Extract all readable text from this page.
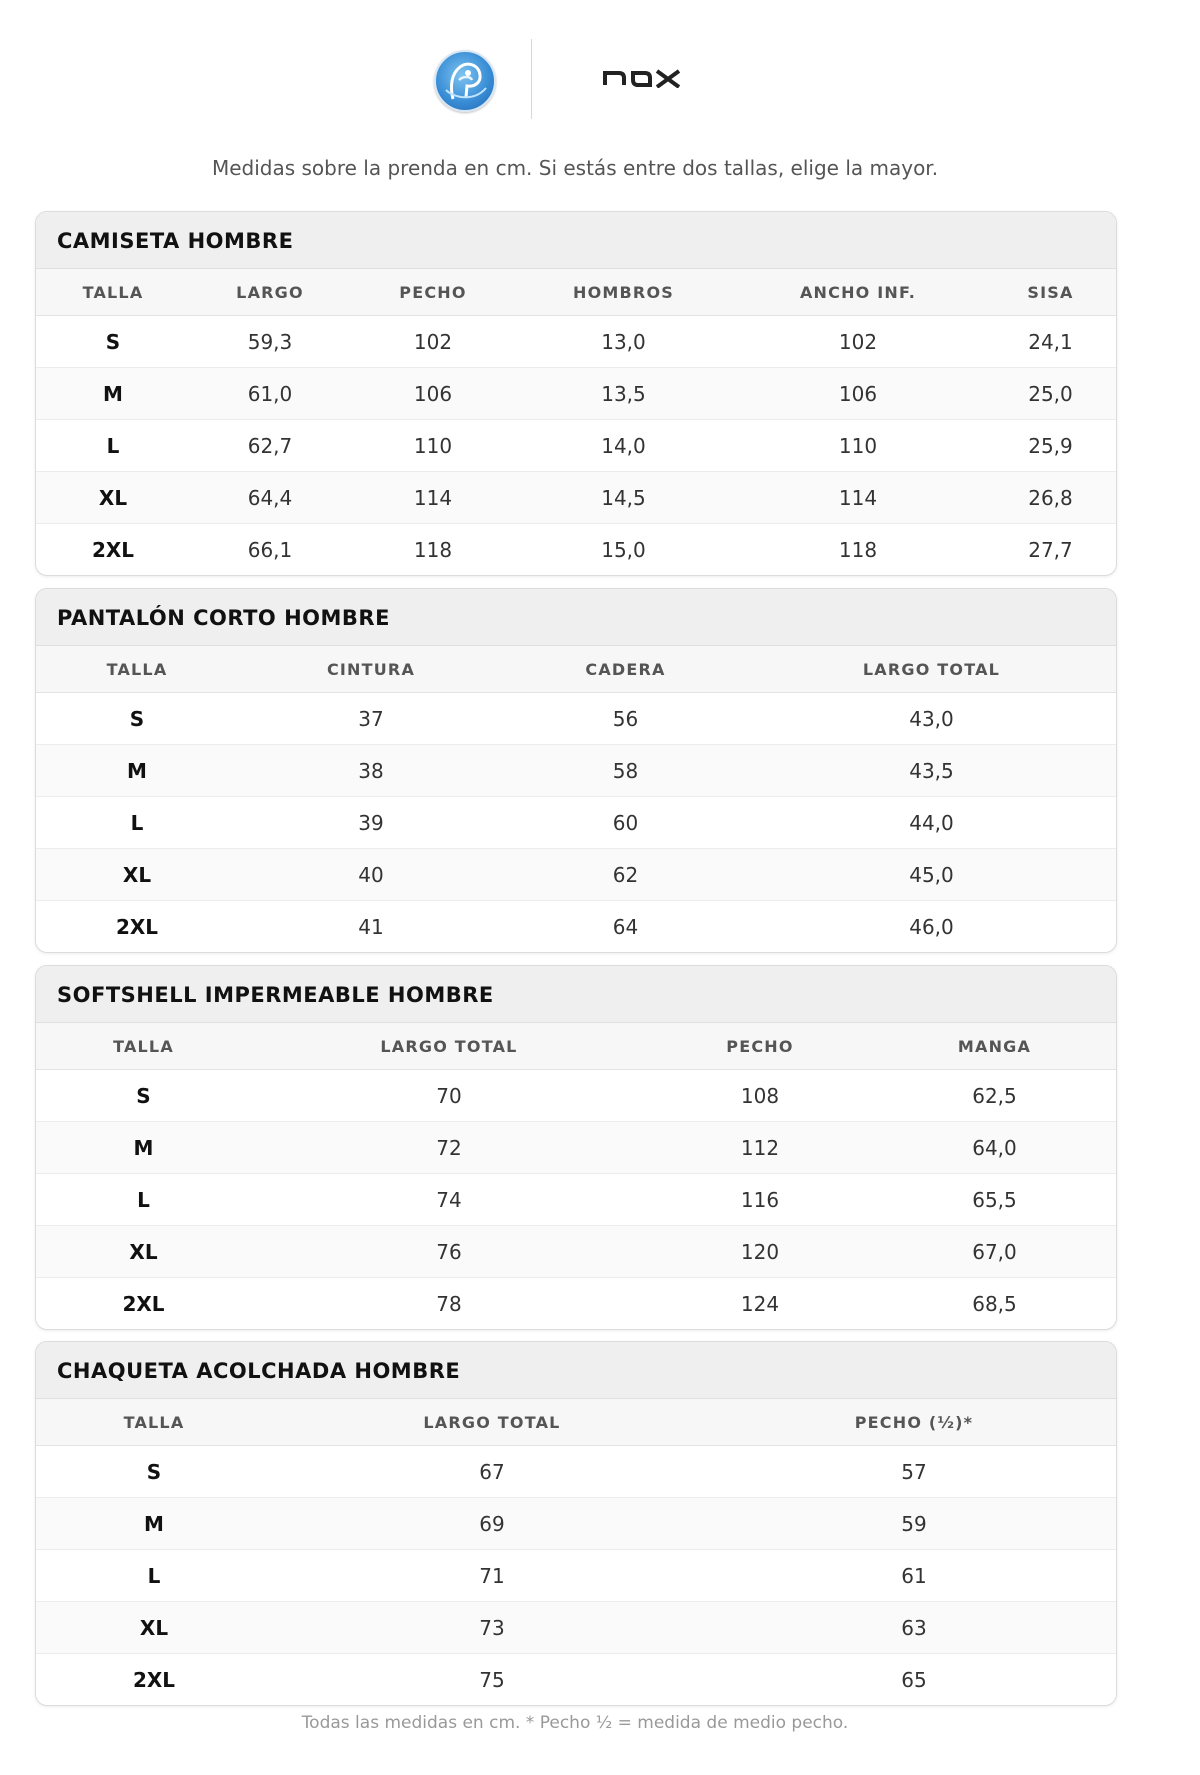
Medidas sobre la prenda en cm. Si estás entre dos tallas, elige la mayor.
CAMISETA HOMBRE
TALLA	LARGO	PECHO	HOMBROS	ANCHO INF.	SISA
S	59,3	102	13,0	102	24,1
M	61,0	106	13,5	106	25,0
L	62,7	110	14,0	110	25,9
XL	64,4	114	14,5	114	26,8
2XL	66,1	118	15,0	118	27,7
PANTALÓN CORTO HOMBRE
TALLA	CINTURA	CADERA	LARGO TOTAL
S	37	56	43,0
M	38	58	43,5
L	39	60	44,0
XL	40	62	45,0
2XL	41	64	46,0
SOFTSHELL IMPERMEABLE HOMBRE
TALLA	LARGO TOTAL	PECHO	MANGA
S	70	108	62,5
M	72	112	64,0
L	74	116	65,5
XL	76	120	67,0
2XL	78	124	68,5
CHAQUETA ACOLCHADA HOMBRE
TALLA	LARGO TOTAL	PECHO (½)*
S	67	57
M	69	59
L	71	61
XL	73	63
2XL	75	65
Todas las medidas en cm. * Pecho ½ = medida de medio pecho.
